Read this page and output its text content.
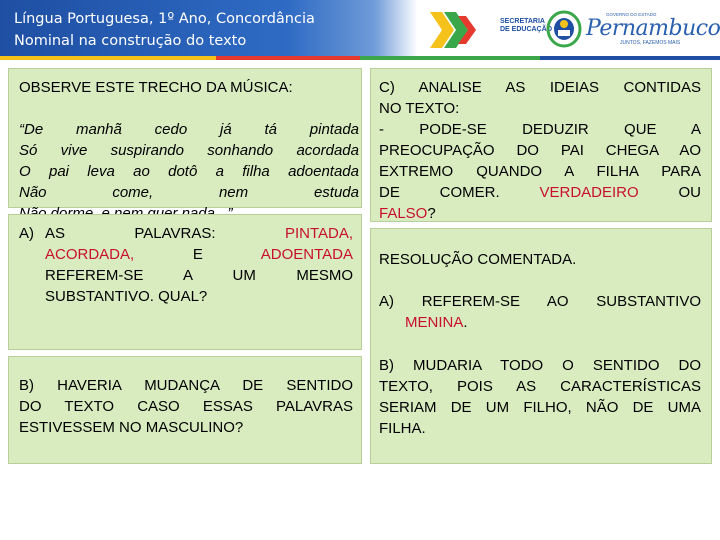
Língua Portuguesa, 1º Ano, Concordância
Nominal na construção do texto
SECRETARIA
DE EDUCAÇÃO
GOVERNO DO ESTADO
Pernambuco
JUNTOS, FAZEMOS MAIS
OBSERVE ESTE TRECHO DA MÚSICA:
“De manhã cedo já tá pintada
Só vive suspirando sonhando acordada
O pai leva ao dotô a filha adoentada
Não come, nem estuda
A) AS PALAVRAS:	PINTADA,
ACORDADA,	E	ADOENTADA
REFEREM-SE A UM MESMO
SUBSTANTIVO. QUAL?
B) HAVERIA MUDANÇA DE SENTIDO
DO TEXTO CASO ESSAS PALAVRAS
ESTIVESSEM NO MASCULINO?
C) ANALISE AS IDEIAS CONTIDAS
NO TEXTO:
- PODE-SE DEDUZIR QUE A
PREOCUPAÇÃO DO PAI CHEGA AO
EXTREMO QUANDO A FILHA PARA
DE COMER.	VERDADEIRO	OU
FALSO?
RESOLUÇÃO COMENTADA.
A) REFEREM-SE AO SUBSTANTIVO
MENINA.
B) MUDARIA TODO O SENTIDO DO
TEXTO, POIS AS CARACTERÍSTICAS
SERIAM DE UM FILHO, NÃO DE UMA
FILHA.
